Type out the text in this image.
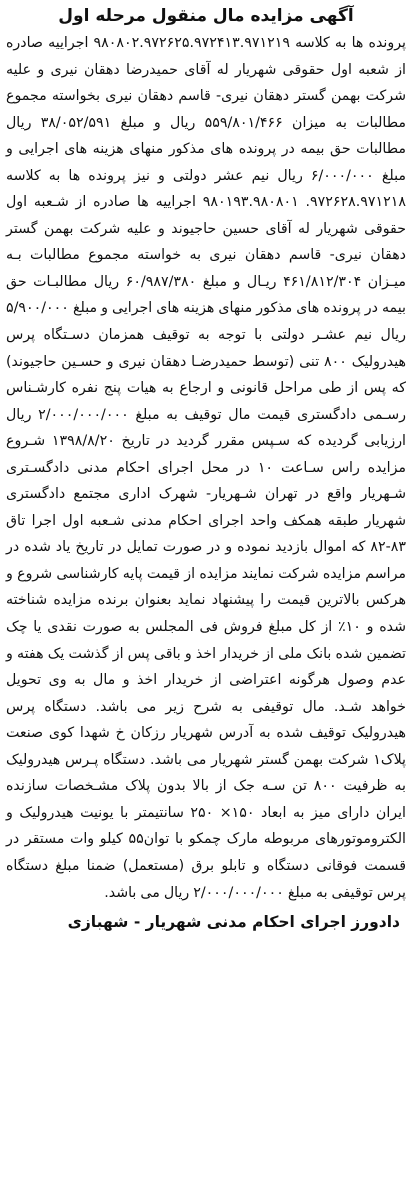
آگهی مزایده مال منقول مرحله اول

پرونده ها به کلاسه ۹۸۰۸۰۲.۹۷۲۶۲۵.۹۷۲۴۱۳.۹۷۱۲۱۹ اجراییه صادره از شعبه اول حقوقی شهریار له آقای حمیدرضا دهقان نیری و علیه شرکت بهمن گستر دهقان نیری- قاسم دهقان نیری بخواسته مجموع مطالبات به میزان ۵۵۹/۸۰۱/۴۶۶ ریال و مبلغ ۳۸/۰۵۲/۵۹۱ ریال مطالبات حق بیمه در پرونده های مذکور منهای هزینه های اجرایی و مبلغ ۶/۰۰۰/۰۰۰ ریال نیم عشر دولتی و نیز پرونده ها به کلاسه ۹۷۲۶۲۸.۹۷۱۲۱۸. ۹۸۰۱۹۳.۹۸۰۸۰۱ اجراییه ها صادره از شـعبه اول حقوقی شهریار له آقای حسین حاجیوند و علیه شرکت بهمن گستر دهقان نیری- قاسم دهقان نیری به خواسته مجموع مطالبات بـه میـزان ۴۶۱/۸۱۲/۳۰۴ ریـال و مبلغ ۶۰/۹۸۷/۳۸۰ ریال مطالبـات حق بیمه در پرونده های مذکور منهای هزینه های اجرایی و مبلغ ۵/۹۰۰/۰۰۰ ریال نیم عشـر دولتی با توجه به توقیف همزمان دسـتگاه پرس هیدرولیک ۸۰۰ تنی (توسط حمیدرضـا دهقان نیری و حسـین حاجیوند) که پس از طی مراحل قانونی و ارجاع به هیات پنج نفره کارشـناس رسـمی دادگستری قیمت مال توقیف به مبلغ ۲/۰۰۰/۰۰۰/۰۰۰ ریال ارزیابی گردیده که سـپس مقرر گردید در تاریخ ۱۳۹۸/۸/۲۰ شـروع مزایده راس سـاعت ۱۰ در محل اجرای احکام مدنی دادگسـتری شـهریار واقع در تهران شـهریار- شهرک اداری مجتمع دادگستری شهریار طبقه همکف واحد اجرای احکام مدنی شـعبه اول اجرا تاق ۸۳-۸۲ که اموال بازدید نموده و در صورت تمایل در تاریخ یاد شده در مراسم مزایده شرکت نمایند مزایده از قیمت پایه کارشناسی شروع و هرکس بالاترین قیمت را پیشنهاد نماید بعنوان برنده مزایده شناخته شده و ۱۰٪ از کل مبلغ فروش فی المجلس به صورت نقدی یا چک تضمین شده بانک ملی از خریدار اخذ و باقی پس از گذشت یک هفته و عدم وصول هرگونه اعتراضی از خریدار اخذ و مال به وی تحویل خواهد شـد. مال توقیفی به شرح زیر می باشد. دستگاه پرس هیدرولیک توقیف شده به آدرس شهریار رزکان خ شهدا کوی صنعت پلاک۱ شرکت بهمن گستر شهریار می باشد. دستگاه پـرس هیدرولیک به ظرفیت ۸۰۰ تن سـه جک از بالا بدون پلاک مشـخصات سازنده ایران دارای میز به ابعاد ۱۵۰× ۲۵۰ سانتیمتر با یونیت هیدرولیک و الکتروموتورهای مربوطه مارک چمکو با توان۵۵ کیلو وات مستقر در قسمت فوقانی دستگاه و تابلو برق (مستعمل) ضمنا مبلغ دستگاه پرس توقیفی به مبلغ ۲/۰۰۰/۰۰۰/۰۰۰ ریال می باشد.

دادورز اجرای احکام مدنی شهریار - شهبازی
